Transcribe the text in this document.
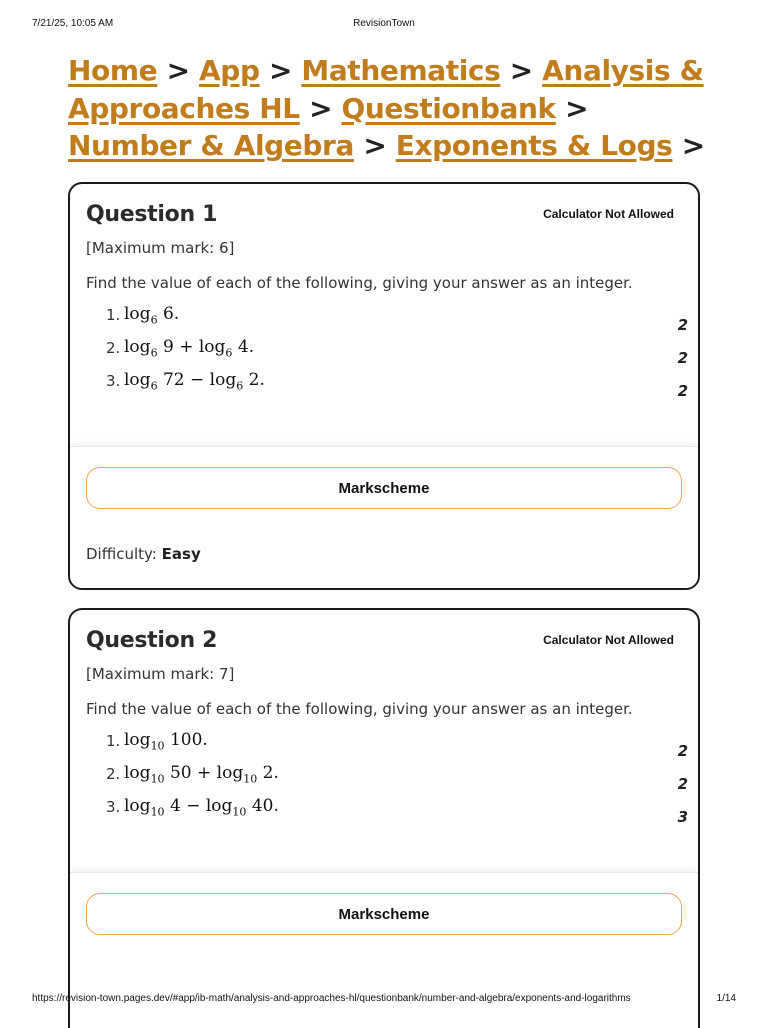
7/21/25, 10:05 AM	RevisionTown
Home > App > Mathematics > Analysis & Approaches HL > Questionbank > Number & Algebra > Exponents & Logs >
Question 1	Calculator Not Allowed
[Maximum mark: 6]
Find the value of each of the following, giving your answer as an integer.
1. $\log_6 6$.
2
2. $\log_6 9 + \log_6 4$.
2
3. $\log_6 72 - \log_6 2$.
2
Markscheme
Difficulty: Easy
Question 2	Calculator Not Allowed
[Maximum mark: 7]
Find the value of each of the following, giving your answer as an integer.
1. $\log_{10} 100$.
2
2. $\log_{10} 50 + \log_{10} 2$.
2
3. $\log_{10} 4 - \log_{10} 40$.
3
Markscheme
https://revision-town.pages.dev/#app/ib-math/analysis-and-approaches-hl/questionbank/number-and-algebra/exponents-and-logarithms	1/14
